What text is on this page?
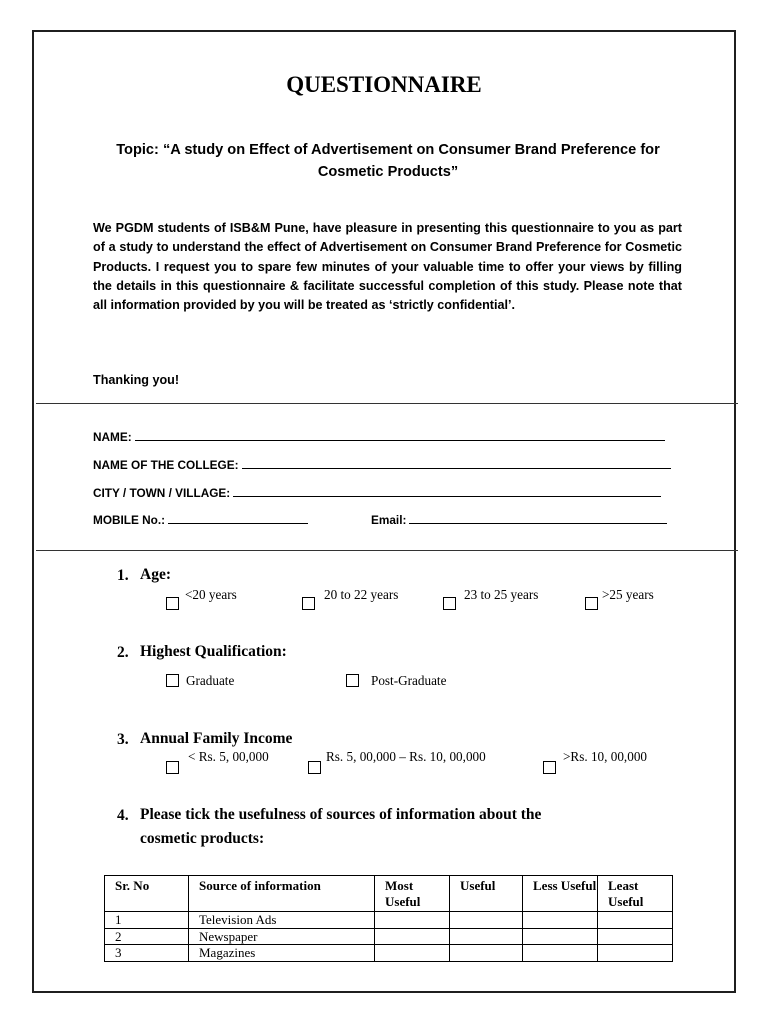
QUESTIONNAIRE
Topic: “A study on Effect of Advertisement on Consumer Brand Preference for
Cosmetic Products”
We PGDM students of ISB&M Pune, have pleasure in presenting this questionnaire to you as part of a study to understand the effect of Advertisement on Consumer Brand Preference for Cosmetic Products. I request you to spare few minutes of your valuable time to offer your views by filling the details in this questionnaire & facilitate successful completion of this study. Please note that all information provided by you will be treated as ‘strictly confidential’.
Thanking you!
NAME:
NAME OF THE COLLEGE:
CITY / TOWN / VILLAGE:
MOBILE No.:	Email:
1. Age:
<20 years	20 to 22 years	23 to 25 years	>25 years
2. Highest Qualification:
Graduate	Post-Graduate
3. Annual Family Income
< Rs. 5, 00,000	Rs. 5, 00,000 – Rs. 10, 00,000	>Rs. 10, 00,000
4. Please tick the usefulness of sources of information about the
cosmetic products:
Sr. No	Source of information	Most Useful	Useful	Less Useful	Least Useful
1	Television Ads				
2	Newspaper				
3	Magazines				
